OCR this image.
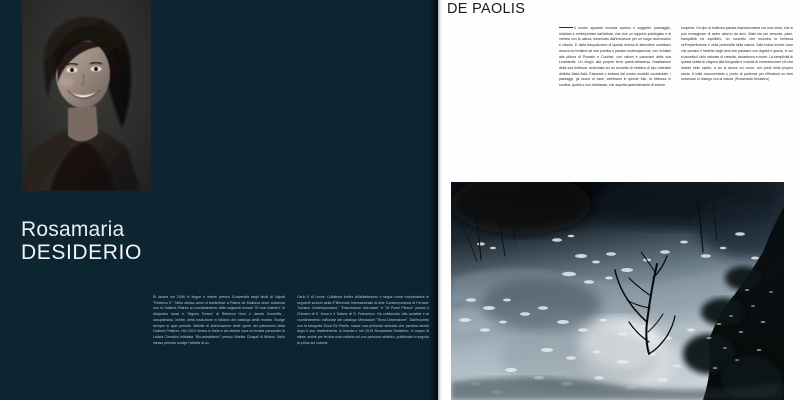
Rosamaria
DESIDERIO
Si laurea nel 2008 in lingue e lettere presso l'Università degli studi di Napoli "Federico II". Nello stesso anno si trasferisce a Palma de Mallorca dove collabora con la Galleria Pilares al coordinamento delle seguenti mostre "El mar Adentro" di Alejandro Icaza e "Aigues Torses" di Rebecca Horn e Jannis Kounellis , occupandosi, inoltre, della traduzione in italiano del catalogo della mostra. Svolge sempre in quel periodo l'attività di archiviazione delle opere del patrimonio della Galleria Pelaires. Nel 2010 rientra in Italia e ad ottobre cura la mostra personale di Letizia Cimadori intitolata "Bio-astrattismo" presso l'Atelier Chagall di Milano. Nello stesso periodo svolge l'attività di co-
Carlo V di Lecce. Collabora inoltre all'allestimento e segue come coordinatrice le seguenti sezioni della 5°Biennale Internazionale di Arte Contemporanea di Ferrara: "Arcaico Contemporaneo", "Dissolvenze Incrociate" e "Ut Poesi Pictura" presso il Chiostro di S. Anna e il Salone di S. Francesco. Ha collaborato alla curatela e al coordinamento editoriale del catalogo Mondadori "Terza Dimensione". Dall'incontro con la fotografa Enza De Paolis, nasce una profonda amicizia che perdura anche dopo il suo trasferimento in Irlanda e nel 2013 Rosamaria Desiderio, in segno di stima, scrive per lei due note critiche sul suo percorso artistico, pubblicate in seguito la prima sul volume
DE PAOLIS
Il nostro sguardo incrocia spesso il soggetto: paesaggio, rivisitato e reinterpretato dall'artista, che vive un rapporto privilegiato e di mimesi con la natura, traversato dall'emozione per un luogo riconosciuto e vissuto. E dalla trasposizione di questa ricerca le atmosfere cambiano ancora ed invitano ad una poetica e pacata contemplazione, con richiami alla pittura di Poussin e Courbet, con visioni e panorami della sua Lombardia. Un elogio alla propria terra quindi,attraverso l'esaltazione della sua bellezza, avvicinata ad un concetto di estetica di tipo orientale definita Wabi-Sabi. Estranea o lontana dal nostro modello occidentale, i paesaggi, gli scorci di case, celebrano in queste foto, la bellezza in sordina, quieta e non dichiarata, che aspetta pazientemente di essere
scoperta. Un tipo di bellezza pacata,impressionante ma mai ovvia, che si può immaginare di avere attorno da anni. Wabi sta per armonia, pace, tranquillità ed equilibrio, un concetto che incontra la bellezza nell'imperfezione e nella profondità della natura. Sabi indica invece cose che portano il fardello degli anni che passano con dignità e grazia, in cui si accetta il ciclo naturale di crescita, decadenza e morte. La semplicità di questa scelta di volgersi alla fotografia è volontà di commemorare ciò che risiede nello spirito, a cui si lavora col cuore, con piedi della proprio storia. A tratti documentaria o punto di partenza per riflessioni su temi universali, in dialogo con la natura. (Rosamaria Desiderio)
